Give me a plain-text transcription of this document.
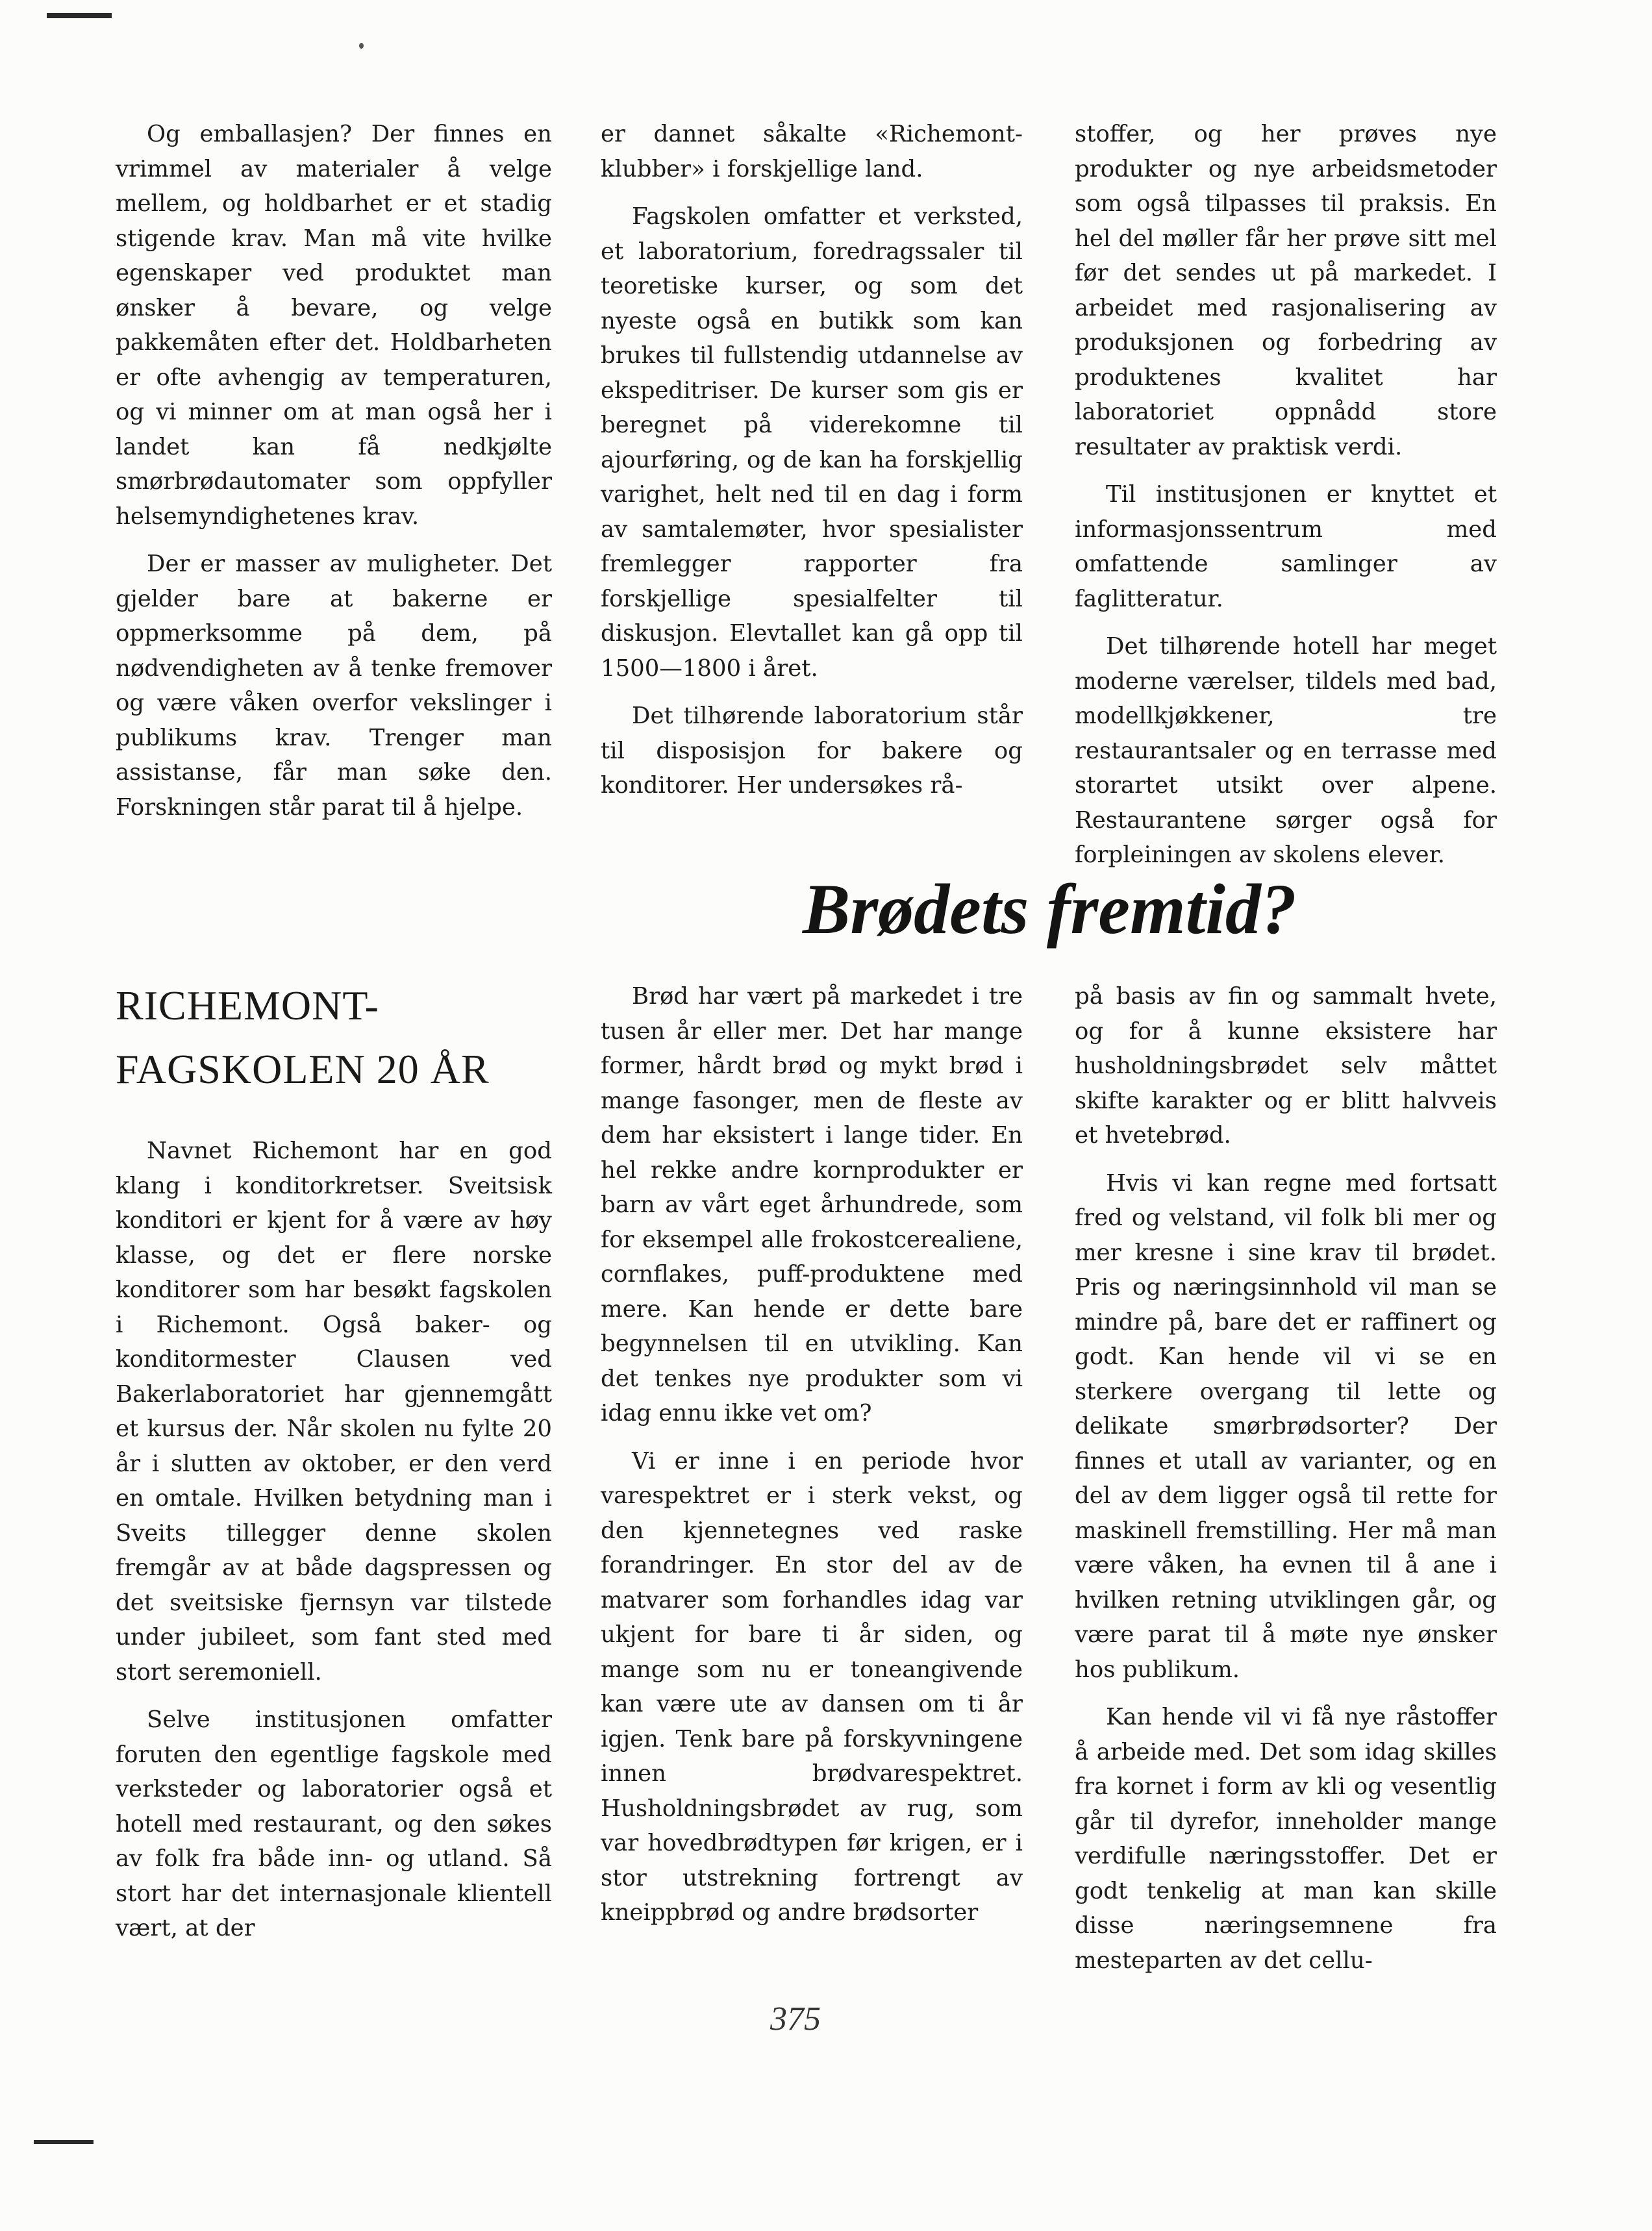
Og emballasjen? Der finnes en vrimmel av materialer å velge mellem, og holdbarhet er et stadig stigende krav. Man må vite hvilke egenskaper ved produktet man ønsker å bevare, og velge pakkemåten efter det. Holdbarheten er ofte avhengig av temperaturen, og vi minner om at man også her i landet kan få nedkjølte smørbrødautomater som oppfyller helsemyndighetenes krav.

Der er masser av muligheter. Det gjelder bare at bakerne er oppmerksomme på dem, på nødvendigheten av å tenke fremover og være våken overfor vekslinger i publikums krav. Trenger man assistanse, får man søke den. Forskningen står parat til å hjelpe.

er dannet såkalte «Richemont-klubber» i forskjellige land.

Fagskolen omfatter et verksted, et laboratorium, foredragssaler til teoretiske kurser, og som det nyeste også en butikk som kan brukes til fullstendig utdannelse av ekspeditriser. De kurser som gis er beregnet på viderekomne til ajourføring, og de kan ha forskjellig varighet, helt ned til en dag i form av samtalemøter, hvor spesialister fremlegger rapporter fra forskjellige spesialfelter til diskusjon. Elevtallet kan gå opp til 1500—1800 i året.

Det tilhørende laboratorium står til disposisjon for bakere og konditorer. Her undersøkes rå-

stoffer, og her prøves nye produkter og nye arbeidsmetoder som også tilpasses til praksis. En hel del møller får her prøve sitt mel før det sendes ut på markedet. I arbeidet med rasjonalisering av produksjonen og forbedring av produktenes kvalitet har laboratoriet oppnådd store resultater av praktisk verdi.

Til institusjonen er knyttet et informasjonssentrum med omfattende samlinger av faglitteratur.

Det tilhørende hotell har meget moderne værelser, tildels med bad, modellkjøkkener, tre restaurantsaler og en terrasse med storartet utsikt over alpene. Restaurantene sørger også for forpleiningen av skolens elever.

Brødets fremtid?
RICHEMONT-
FAGSKOLEN 20 ÅR

Navnet Richemont har en god klang i konditorkretser. Sveitsisk konditori er kjent for å være av høy klasse, og det er flere norske konditorer som har besøkt fagskolen i Richemont. Også baker- og konditormester Clausen ved Bakerlaboratoriet har gjennemgått et kursus der. Når skolen nu fylte 20 år i slutten av oktober, er den verd en omtale. Hvilken betydning man i Sveits tillegger denne skolen fremgår av at både dagspressen og det sveitsiske fjernsyn var tilstede under jubileet, som fant sted med stort seremoniell.

Selve institusjonen omfatter foruten den egentlige fagskole med verksteder og laboratorier også et hotell med restaurant, og den søkes av folk fra både inn- og utland. Så stort har det internasjonale klientell vært, at der

Brød har vært på markedet i tre tusen år eller mer. Det har mange former, hårdt brød og mykt brød i mange fasonger, men de fleste av dem har eksistert i lange tider. En hel rekke andre kornprodukter er barn av vårt eget århundrede, som for eksempel alle frokostcerealiene, cornflakes, puff-produktene med mere. Kan hende er dette bare begynnelsen til en utvikling. Kan det tenkes nye produkter som vi idag ennu ikke vet om?

Vi er inne i en periode hvor varespektret er i sterk vekst, og den kjennetegnes ved raske forandringer. En stor del av de matvarer som forhandles idag var ukjent for bare ti år siden, og mange som nu er toneangivende kan være ute av dansen om ti år igjen. Tenk bare på forskyvningene innen brødvarespektret. Husholdningsbrødet av rug, som var hovedbrødtypen før krigen, er i stor utstrekning fortrengt av kneippbrød og andre brødsorter

på basis av fin og sammalt hvete, og for å kunne eksistere har husholdningsbrødet selv måttet skifte karakter og er blitt halvveis et hvetebrød.

Hvis vi kan regne med fortsatt fred og velstand, vil folk bli mer og mer kresne i sine krav til brødet. Pris og næringsinnhold vil man se mindre på, bare det er raffinert og godt. Kan hende vil vi se en sterkere overgang til lette og delikate smørbrødsorter? Der finnes et utall av varianter, og en del av dem ligger også til rette for maskinell fremstilling. Her må man være våken, ha evnen til å ane i hvilken retning utviklingen går, og være parat til å møte nye ønsker hos publikum.

Kan hende vil vi få nye råstoffer å arbeide med. Det som idag skilles fra kornet i form av kli og vesentlig går til dyrefor, inneholder mange verdifulle næringsstoffer. Det er godt tenkelig at man kan skille disse næringsemnene fra mesteparten av det cellu-

375
